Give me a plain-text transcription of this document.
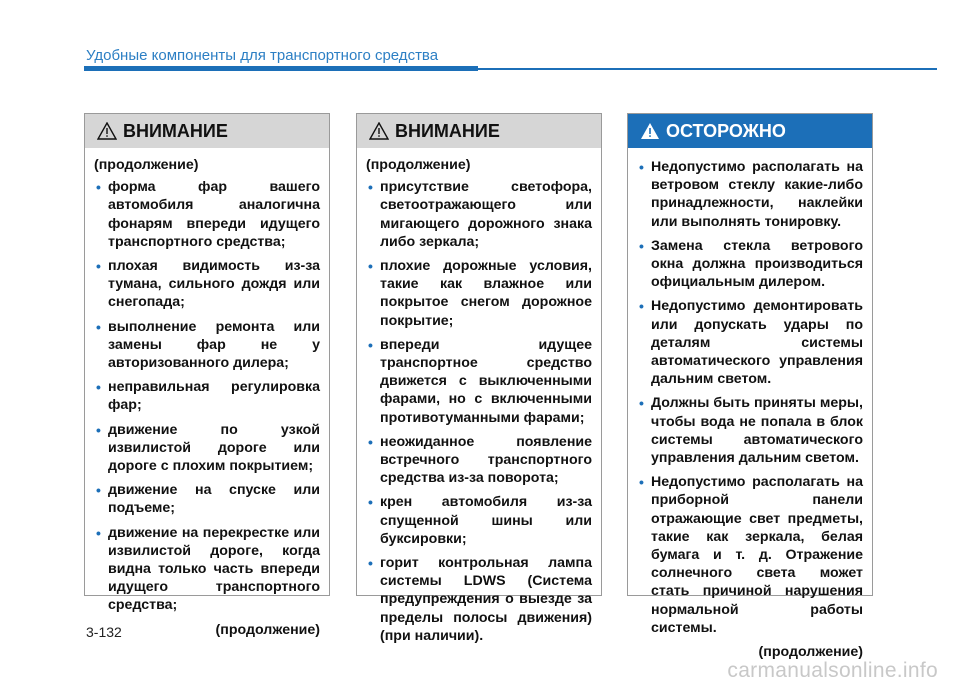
Удобные компоненты для транспортного средства
ВНИМАНИЕ
(продолжение)
• форма фар вашего автомобиля аналогична фонарям впереди идущего транспортного средства;
• плохая видимость из-за тумана, сильного дождя или снегопада;
• выполнение ремонта или замены фар не у авторизованного дилера;
• неправильная регулировка фар;
• движение по узкой извилистой дороге или дороге с плохим покрытием;
• движение на спуске или подъеме;
• движение на перекрестке или извилистой дороге, когда видна только часть впереди идущего транспортного средства;
(продолжение)
ВНИМАНИЕ
(продолжение)
• присутствие светофора, светоотражающего или мигающего дорожного знака либо зеркала;
• плохие дорожные условия, такие как влажное или покрытое снегом дорожное покрытие;
• впереди идущее транспортное средство движется с выключенными фарами, но с включенными противотуманными фарами;
• неожиданное появление встречного транспортного средства из-за поворота;
• крен автомобиля из-за спущенной шины или буксировки;
• горит контрольная лампа системы LDWS (Система предупреждения о выезде за пределы полосы движения) (при наличии).
ОСТОРОЖНО
• Недопустимо располагать на ветровом стеклу какие-либо принадлежности, наклейки или выполнять тонировку.
• Замена стекла ветрового окна должна производиться официальным дилером.
• Недопустимо демонтировать или допускать удары по деталям системы автоматического управления дальним светом.
• Должны быть приняты меры, чтобы вода не попала в блок системы автоматического управления дальним светом.
• Недопустимо располагать на приборной панели отражающие свет предметы, такие как зеркала, белая бумага и т. д. Отражение солнечного света может стать причиной нарушения нормальной работы системы.
(продолжение)
3-132
carmanualsonline.info
